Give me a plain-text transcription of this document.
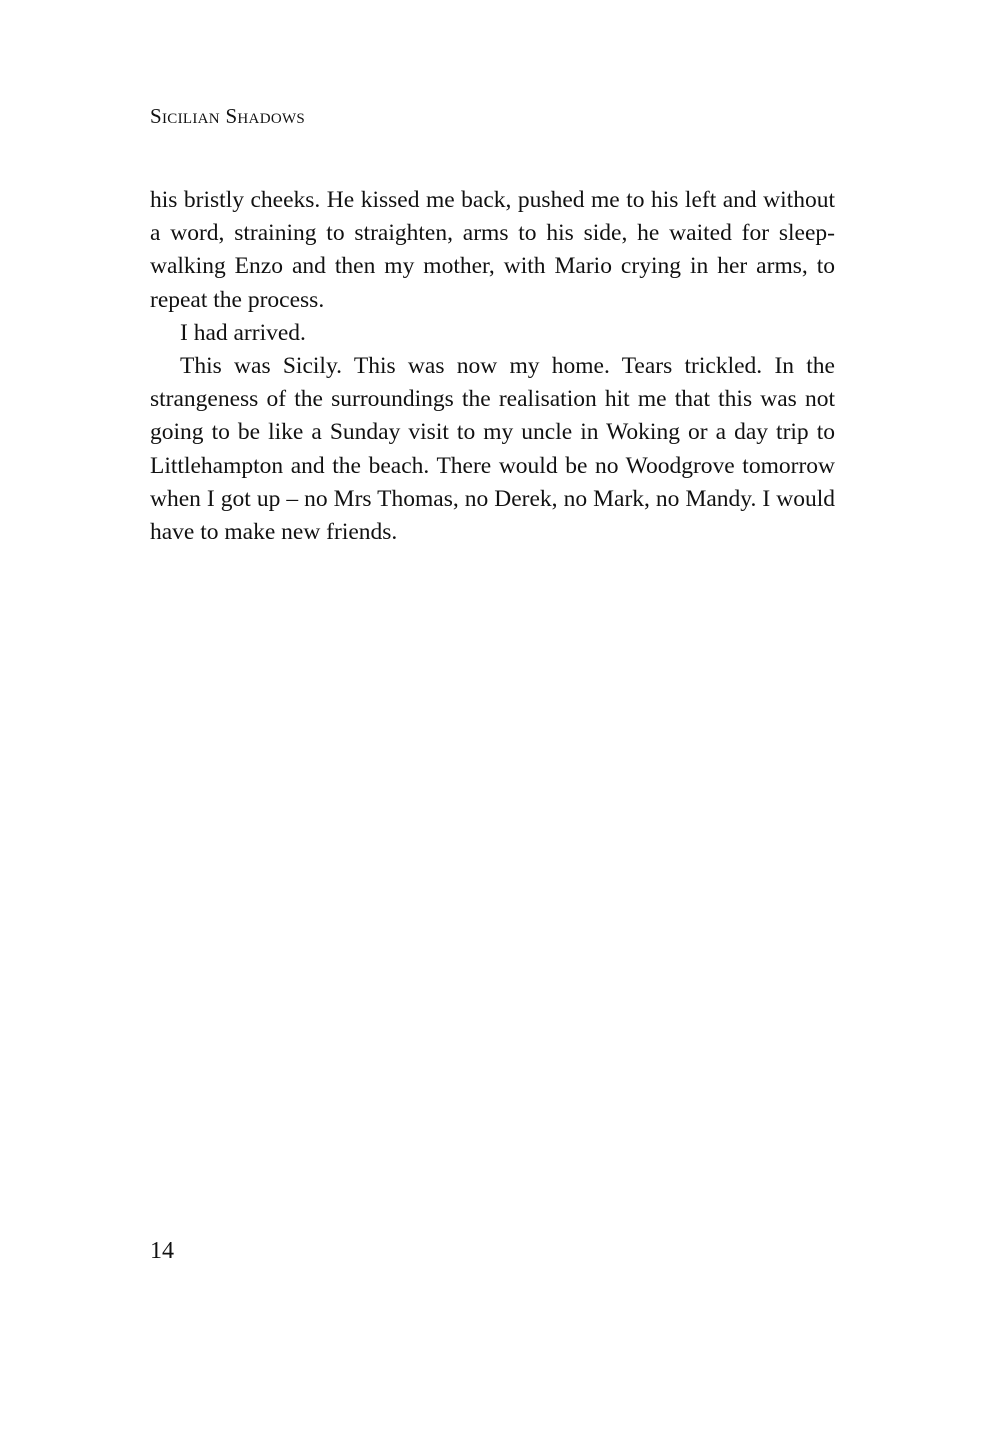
Sicilian Shadows

his bristly cheeks. He kissed me back, pushed me to his left and without a word, straining to straighten, arms to his side, he waited for sleep-walking Enzo and then my mother, with Mario crying in her arms, to repeat the process.

I had arrived.

This was Sicily. This was now my home. Tears trickled. In the strangeness of the surroundings the realisation hit me that this was not going to be like a Sunday visit to my uncle in Woking or a day trip to Littlehampton and the beach. There would be no Woodgrove tomorrow when I got up – no Mrs Thomas, no Derek, no Mark, no Mandy. I would have to make new friends.

14
